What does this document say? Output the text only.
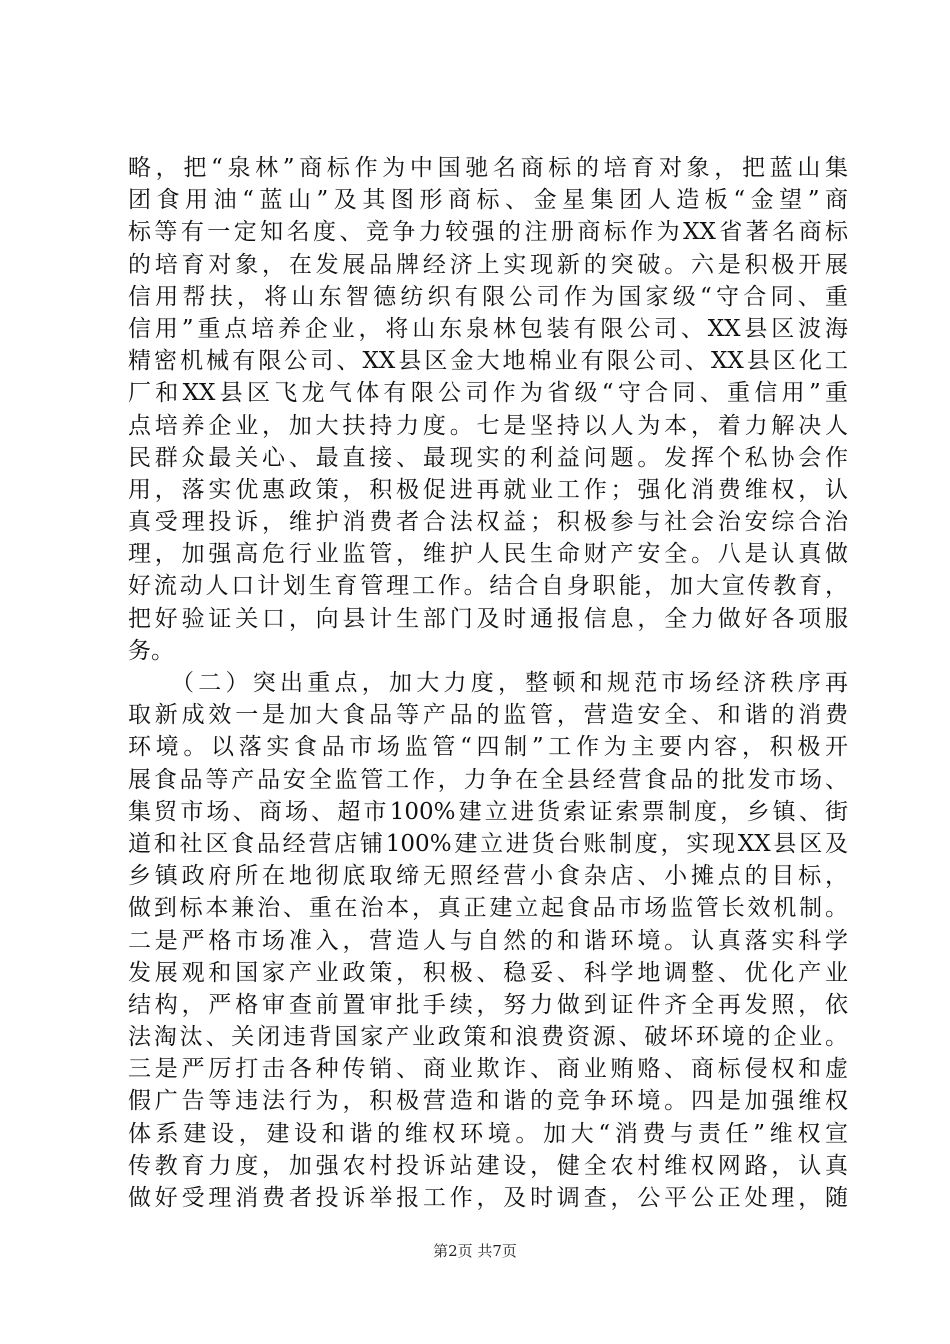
略，把“泉林”商标作为中国驰名商标的培育对象，把蓝山集
团食用油“蓝山”及其图形商标、金星集团人造板“金望”商
标等有一定知名度、竞争力较强的注册商标作为XX省著名商标
的培育对象，在发展品牌经济上实现新的突破。六是积极开展
信用帮扶，将山东智德纺织有限公司作为国家级“守合同、重
信用”重点培养企业，将山东泉林包装有限公司、XX县区波海
精密机械有限公司、XX县区金大地棉业有限公司、XX县区化工
厂和XX县区飞龙气体有限公司作为省级“守合同、重信用”重
点培养企业，加大扶持力度。七是坚持以人为本，着力解决人
民群众最关心、最直接、最现实的利益问题。发挥个私协会作
用，落实优惠政策，积极促进再就业工作；强化消费维权，认
真受理投诉，维护消费者合法权益；积极参与社会治安综合治
理，加强高危行业监管，维护人民生命财产安全。八是认真做
好流动人口计划生育管理工作。结合自身职能，加大宣传教育，
把好验证关口，向县计生部门及时通报信息，全力做好各项服
务。
　　（二）突出重点，加大力度，整顿和规范市场经济秩序再
取新成效一是加大食品等产品的监管，营造安全、和谐的消费
环境。以落实食品市场监管“四制”工作为主要内容，积极开
展食品等产品安全监管工作，力争在全县经营食品的批发市场、
集贸市场、商场、超市100%建立进货索证索票制度，乡镇、街
道和社区食品经营店铺100%建立进货台账制度，实现XX县区及
乡镇政府所在地彻底取缔无照经营小食杂店、小摊点的目标，
做到标本兼治、重在治本，真正建立起食品市场监管长效机制。
二是严格市场准入，营造人与自然的和谐环境。认真落实科学
发展观和国家产业政策，积极、稳妥、科学地调整、优化产业
结构，严格审查前置审批手续，努力做到证件齐全再发照，依
法淘汰、关闭违背国家产业政策和浪费资源、破坏环境的企业。
三是严厉打击各种传销、商业欺诈、商业贿赂、商标侵权和虚
假广告等违法行为，积极营造和谐的竞争环境。四是加强维权
体系建设，建设和谐的维权环境。加大“消费与责任”维权宣
传教育力度，加强农村投诉站建设，健全农村维权网路，认真
做好受理消费者投诉举报工作，及时调查，公平公正处理，随
第2页 共7页
